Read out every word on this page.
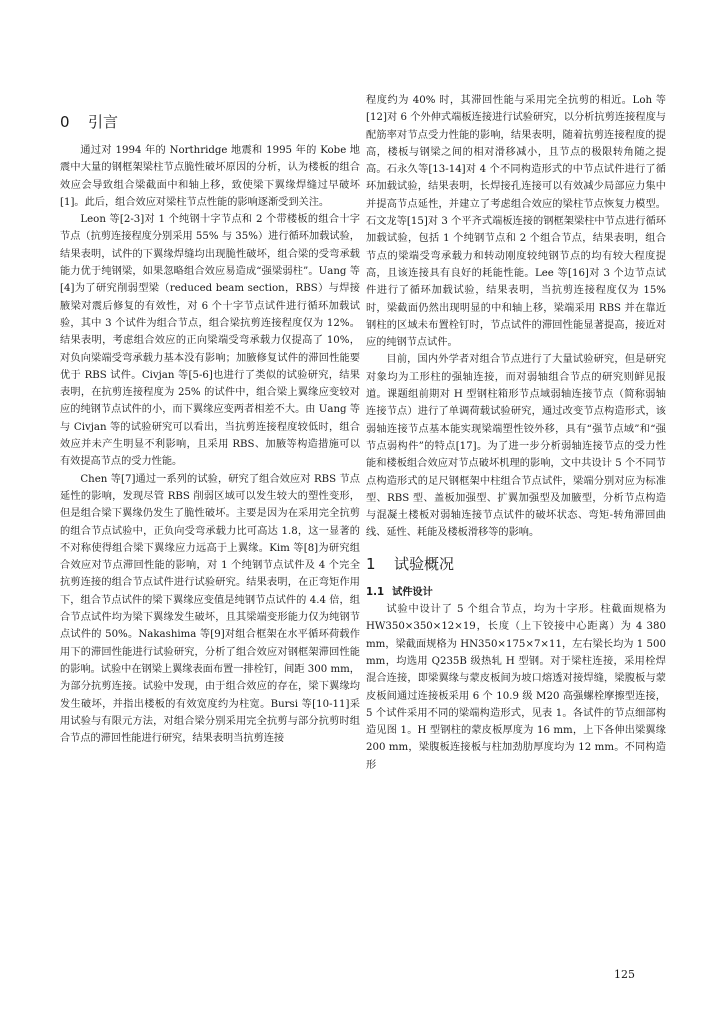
0 引言

通过对 1994 年的 Northridge 地震和 1995 年的 Kobe 地震中大量的钢框架梁柱节点脆性破坏原因的分析，认为楼板的组合效应会导致组合梁截面中和轴上移，致使梁下翼缘焊缝过早破坏[1]。此后，组合效应对梁柱节点性能的影响逐渐受到关注。

Leon 等[2-3]对 1 个纯钢十字节点和 2 个带楼板的组合十字节点（抗剪连接程度分别采用 55% 与 35%）进行循环加载试验，结果表明，试件的下翼缘焊缝均出现脆性破坏，组合梁的受弯承载能力优于纯钢梁，如果忽略组合效应易造成“强梁弱柱”。Uang 等[4]为了研究削弱型梁（reduced beam section，RBS）与焊接腋梁对震后修复的有效性，对 6 个十字节点试件进行循环加载试验，其中 3 个试件为组合节点，组合梁抗剪连接程度仅为 12%。结果表明，考虑组合效应的正向梁端受弯承载力仅提高了 10%，对负向梁端受弯承载力基本没有影响；加腋修复试件的滞回性能要优于 RBS 试件。Civjan 等[5-6]也进行了类似的试验研究，结果表明，在抗剪连接程度为 25% 的试件中，组合梁上翼缘应变较对应的纯钢节点试件的小，而下翼缘应变两者相差不大。由 Uang 等与 Civjan 等的试验研究可以看出，当抗剪连接程度较低时，组合效应并未产生明显不利影响，且采用 RBS、加腋等构造措施可以有效提高节点的受力性能。

Chen 等[7]通过一系列的试验，研究了组合效应对 RBS 节点延性的影响，发现尽管 RBS 削弱区域可以发生较大的塑性变形，但是组合梁下翼缘仍发生了脆性破坏。主要是因为在采用完全抗剪的组合节点试验中，正负向受弯承载力比可高达 1.8，这一显著的不对称使得组合梁下翼缘应力远高于上翼缘。Kim 等[8]为研究组合效应对节点滞回性能的影响，对 1 个纯钢节点试件及 4 个完全抗剪连接的组合节点试件进行试验研究。结果表明，在正弯矩作用下，组合节点试件的梁下翼缘应变值是纯钢节点试件的 4.4 倍，组合节点试件均为梁下翼缘发生破坏，且其梁端变形能力仅为纯钢节点试件的 50%。Nakashima 等[9]对组合框架在水平循环荷载作用下的滞回性能进行试验研究，分析了组合效应对钢框架滞回性能的影响。试验中在钢梁上翼缘表面布置一排栓钉，间距 300 mm，为部分抗剪连接。试验中发现，由于组合效应的存在，梁下翼缘均发生破坏，并指出楼板的有效宽度约为柱宽。Bursi 等[10-11]采用试验与有限元方法，对组合梁分别采用完全抗剪与部分抗剪时组合节点的滞回性能进行研究，结果表明当抗剪连接

程度约为 40% 时，其滞回性能与采用完全抗剪的相近。Loh 等[12]对 6 个外伸式端板连接进行试验研究，以分析抗剪连接程度与配筋率对节点受力性能的影响，结果表明，随着抗剪连接程度的提高，楼板与钢梁之间的相对滑移减小，且节点的极限转角随之提高。石永久等[13-14]对 4 个不同构造形式的中节点试件进行了循环加载试验，结果表明，长焊接孔连接可以有效减少局部应力集中并提高节点延性，并建立了考虑组合效应的梁柱节点恢复力模型。石文龙等[15]对 3 个平齐式端板连接的钢框架梁柱中节点进行循环加载试验，包括 1 个纯钢节点和 2 个组合节点，结果表明，组合节点的梁端受弯承载力和转动刚度较纯钢节点的均有较大程度提高，且该连接具有良好的耗能性能。Lee 等[16]对 3 个边节点试件进行了循环加载试验，结果表明，当抗剪连接程度仅为 15% 时，梁截面仍然出现明显的中和轴上移，梁端采用 RBS 并在靠近钢柱的区域未布置栓钉时，节点试件的滞回性能显著提高，接近对应的纯钢节点试件。

目前，国内外学者对组合节点进行了大量试验研究，但是研究对象均为工形柱的强轴连接，而对弱轴组合节点的研究则鲜见报道。课题组前期对 H 型钢柱箱形节点域弱轴连接节点（简称弱轴连接节点）进行了单调荷载试验研究，通过改变节点构造形式，该弱轴连接节点基本能实现梁端塑性铰外移，具有“强节点域”和“强节点弱构件”的特点[17]。为了进一步分析弱轴连接节点的受力性能和楼板组合效应对节点破坏机理的影响，文中共设计 5 个不同节点构造形式的足尺钢框架中柱组合节点试件，梁端分别对应为标准型、RBS 型、盖板加强型、扩翼加强型及加腋型，分析节点构造与混凝土楼板对弱轴连接节点试件的破坏状态、弯矩-转角滞回曲线、延性、耗能及楼板滑移等的影响。

1 试验概况
1.1 试件设计

试验中设计了 5 个组合节点，均为十字形。柱截面规格为 HW350×350×12×19，长度（上下铰接中心距离）为 4 380 mm，梁截面规格为 HN350×175×7×11，左右梁长均为 1 500 mm，均选用 Q235B 级热轧 H 型钢。对于梁柱连接，采用栓焊混合连接，即梁翼缘与蒙皮板间为坡口熔透对接焊缝，梁腹板与蒙皮板间通过连接板采用 6 个 10.9 级 M20 高强螺栓摩擦型连接，5 个试件采用不同的梁端构造形式，见表 1。各试件的节点细部构造见图 1。H 型钢柱的蒙皮板厚度为 16 mm，上下各伸出梁翼缘 200 mm，梁腹板连接板与柱加劲肋厚度均为 12 mm。不同构造形

125
